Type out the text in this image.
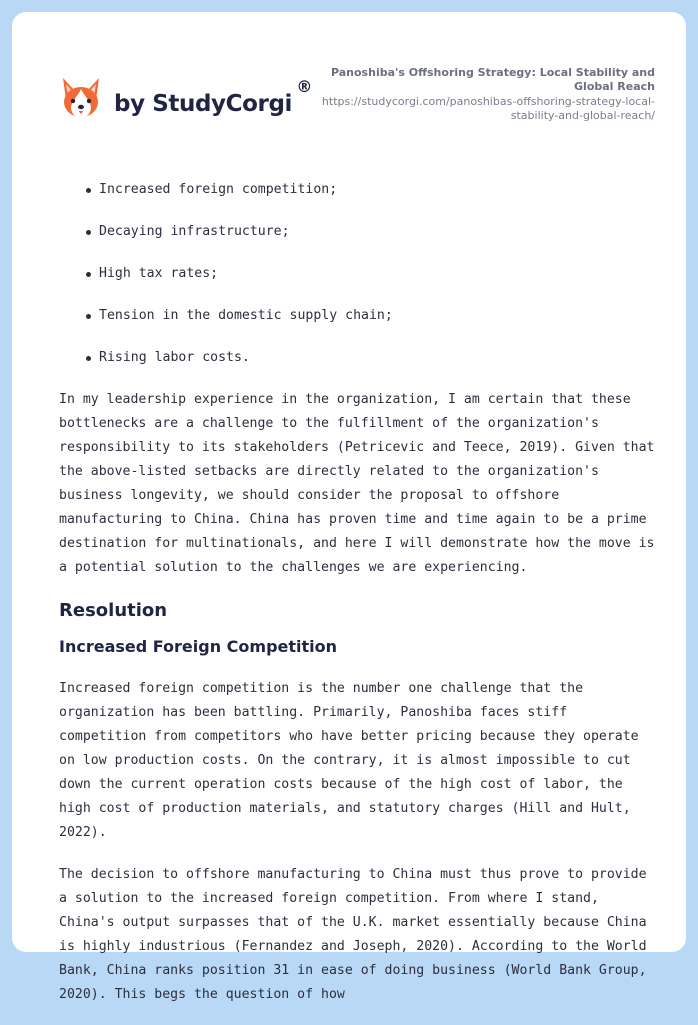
by StudyCorgi
®
Panoshiba's Offshoring Strategy: Local Stability and Global Reach
https://studycorgi.com/panoshibas-offshoring-strategy-local-stability-and-global-reach/
Increased foreign competition;
Decaying infrastructure;
High tax rates;
Tension in the domestic supply chain;
Rising labor costs.

In my leadership experience in the organization, I am certain that these bottlenecks are a challenge to the fulfillment of the organization's responsibility to its stakeholders (Petricevic and Teece, 2019). Given that the above-listed setbacks are directly related to the organization's business longevity, we should consider the proposal to offshore manufacturing to China. China has proven time and time again to be a prime destination for multinationals, and here I will demonstrate how the move is a potential solution to the challenges we are experiencing.

Resolution
Increased Foreign Competition

Increased foreign competition is the number one challenge that the organization has been battling. Primarily, Panoshiba faces stiff competition from competitors who have better pricing because they operate on low production costs. On the contrary, it is almost impossible to cut down the current operation costs because of the high cost of labor, the high cost of production materials, and statutory charges (Hill and Hult, 2022).

The decision to offshore manufacturing to China must thus prove to provide a solution to the increased foreign competition. From where I stand, China's output surpasses that of the U.K. market essentially because China is highly industrious (Fernandez and Joseph, 2020). According to the World Bank, China ranks position 31 in ease of doing business (World Bank Group, 2020). This begs the question of how
